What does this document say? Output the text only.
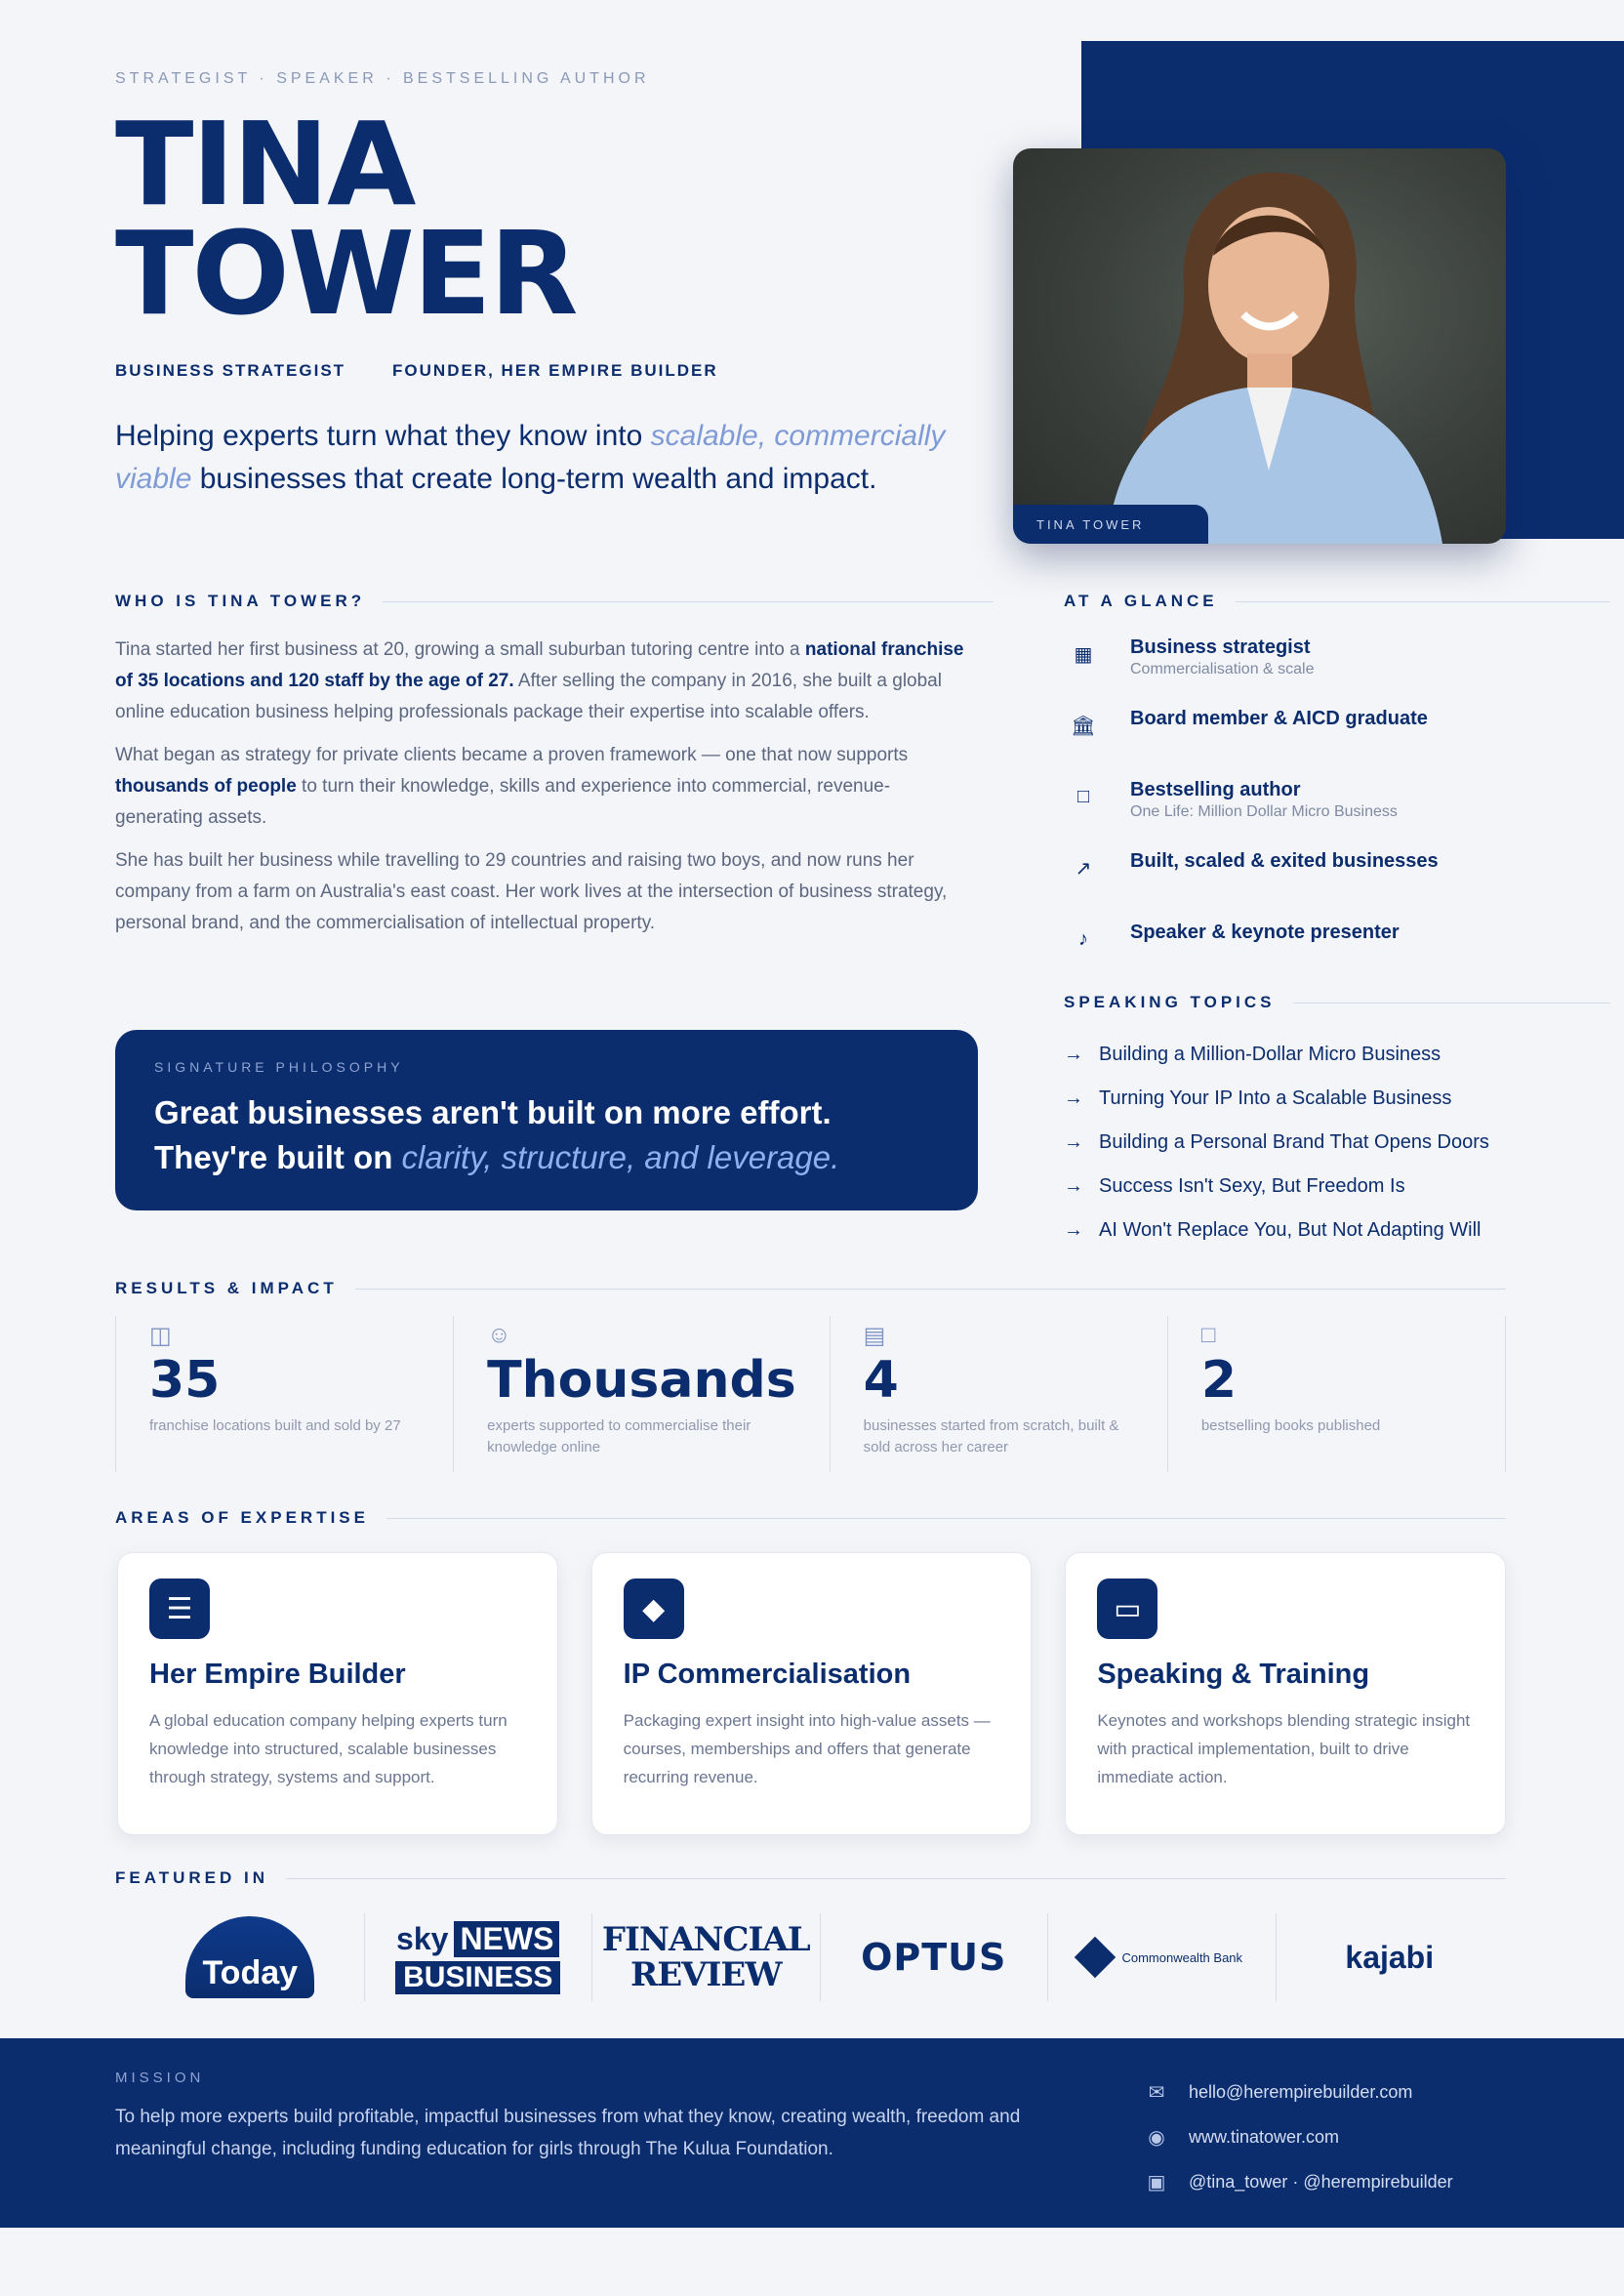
STRATEGIST · SPEAKER · BESTSELLING AUTHOR
TINA
TOWER
BUSINESS STRATEGIST	FOUNDER, HER EMPIRE BUILDER
Helping experts turn what they know into scalable, commercially viable businesses that create long-term wealth and impact.
TINA TOWER
WHO IS TINA TOWER?

Tina started her first business at 20, growing a small suburban tutoring centre into a national franchise of 35 locations and 120 staff by the age of 27. After selling the company in 2016, she built a global online education business helping professionals package their expertise into scalable offers.

What began as strategy for private clients became a proven framework — one that now supports thousands of people to turn their knowledge, skills and experience into commercial, revenue-generating assets.

She has built her business while travelling to 29 countries and raising two boys, and now runs her company from a farm on Australia's east coast. Her work lives at the intersection of business strategy, personal brand, and the commercialisation of intellectual property.

SIGNATURE PHILOSOPHY
Great businesses aren't built on more effort.
They're built on clarity, structure, and leverage.
AT A GLANCE
▦	Business strategist
Commercialisation & scale
🏛	Board member & AICD graduate
□	Bestselling author
One Life: Million Dollar Micro Business
↗	Built, scaled & exited businesses
♪	Speaker & keynote presenter
SPEAKING TOPICS
→ Building a Million-Dollar Micro Business
→ Turning Your IP Into a Scalable Business
→ Building a Personal Brand That Opens Doors
→ Success Isn't Sexy, But Freedom Is
→ AI Won't Replace You, But Not Adapting Will
RESULTS & IMPACT
◫
35
franchise locations built and sold by 27
☺
Thousands
experts supported to commercialise their knowledge online
▤
4
businesses started from scratch, built & sold across her career
□
2
bestselling books published
AREAS OF EXPERTISE
☰
Her Empire Builder
A global education company helping experts turn knowledge into structured, scalable businesses through strategy, systems and support.
◆
IP Commercialisation
Packaging expert insight into high-value assets — courses, memberships and offers that generate recurring revenue.
▭
Speaking & Training
Keynotes and workshops blending strategic insight with practical implementation, built to drive immediate action.
FEATURED IN
Today
sky NEWS
BUSINESS
FINANCIAL
REVIEW	OPTUS	Commonwealth Bank	kajabi
MISSION
To help more experts build profitable, impactful businesses from what they know, creating wealth, freedom and meaningful change, including funding education for girls through The Kulua Foundation.
✉ hello@herempirebuilder.com
◉ www.tinatower.com
▣ @tina_tower · @herempirebuilder
